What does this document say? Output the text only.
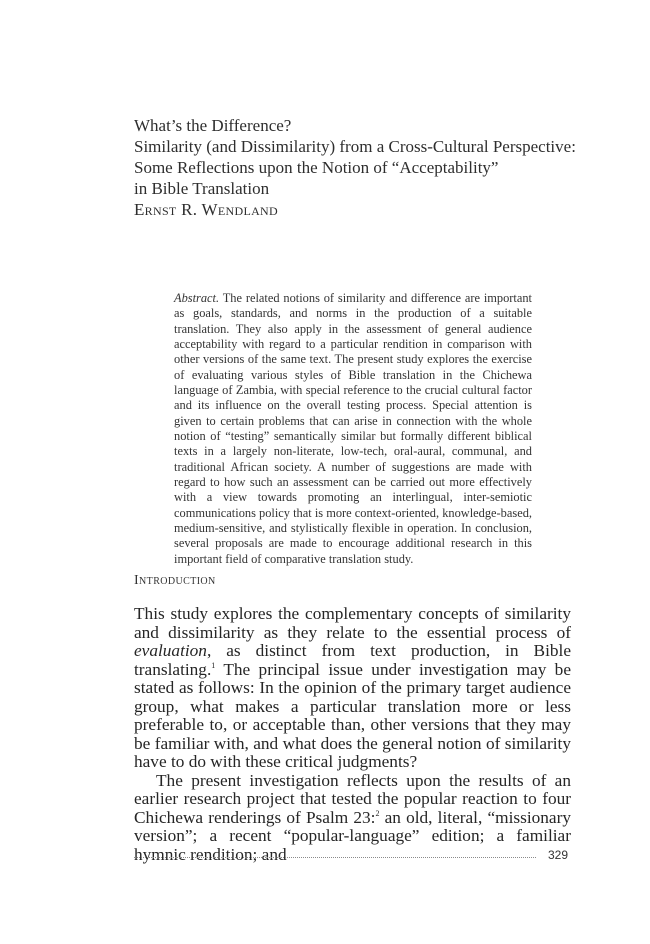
What’s the Difference?
Similarity (and Dissimilarity) from a Cross-Cultural Perspective:
Some Reflections upon the Notion of “Acceptability”
in Bible Translation
Ernst R. Wendland
Abstract. The related notions of similarity and difference are important as goals, standards, and norms in the production of a suitable translation. They also apply in the assessment of general audience acceptability with regard to a particular rendition in comparison with other versions of the same text. The present study explores the exercise of evaluating various styles of Bible translation in the Chichewa language of Zambia, with special reference to the crucial cultural factor and its influence on the overall testing process. Special attention is given to certain problems that can arise in connection with the whole notion of “testing” semantically similar but formally different biblical texts in a largely non-literate, low-tech, oral-aural, communal, and traditional African society. A number of suggestions are made with regard to how such an assessment can be carried out more effectively with a view towards promoting an interlingual, inter-semiotic communications policy that is more context-oriented, knowledge-based, medium-sensitive, and stylistically flexible in operation. In conclusion, several proposals are made to encourage additional research in this important field of comparative translation study.
Introduction

This study explores the complementary concepts of similarity and dissimilarity as they relate to the essential process of evaluation, as distinct from text production, in Bible translating.$^1$ The principal issue under investigation may be stated as follows: In the opinion of the primary target audience group, what makes a particular translation more or less preferable to, or acceptable than, other versions that they may be familiar with, and what does the general notion of similarity have to do with these critical judgments?

The present investigation reflects upon the results of an earlier research project that tested the popular reaction to four Chichewa renderings of Psalm 23:$^2$ an old, literal, “missionary version”; a recent “popular-language” edition; a familiar hymnic rendition; and	329
